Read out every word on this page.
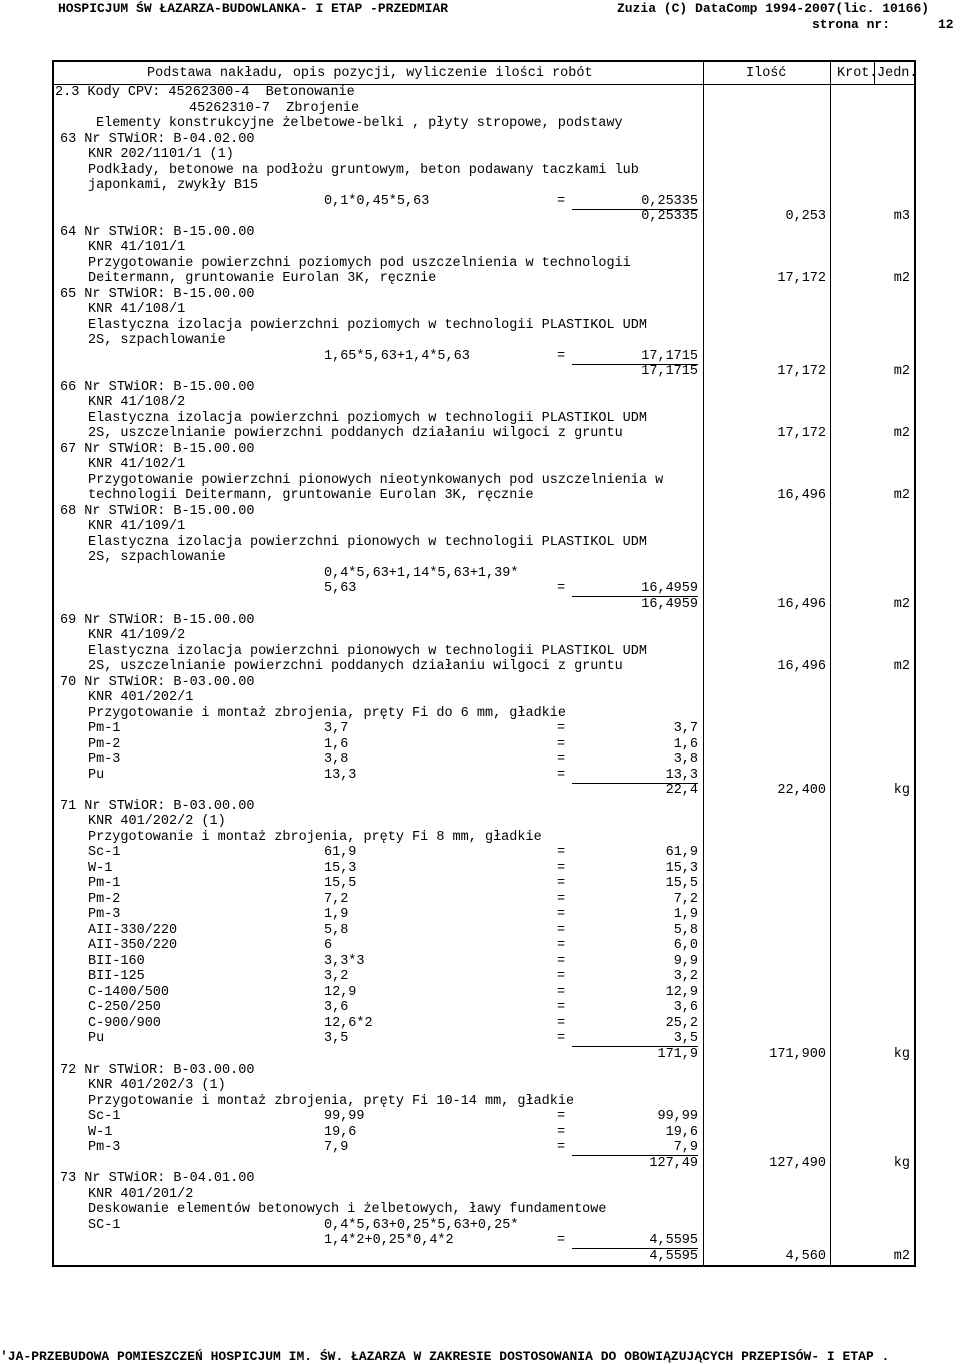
HOSPICJUM ŚW ŁAZARZA-BUDOWLANKA- I ETAP -PRZEDMIAR	Zuzia (C) DataComp 1994-2007(lic. 10166)
strona nr:	12
Podstawa nakładu, opis pozycji, wyliczenie ilości robót	Ilość	Krot. Jedn.
2.3 Kody CPV: 45262300-4  Betonowanie
45262310-7  Zbrojenie
Elementy konstrukcyjne żelbetowe-belki , płyty stropowe, podstawy
63 Nr STWiOR: B-04.02.00
KNR 202/1101/1 (1)
Podkłady, betonowe na podłożu gruntowym, beton podawany taczkami lub
japonkami, zwykły B15
0,1*0,45*5,63	=	0,25335
0,25335	0,253	m3
64 Nr STWiOR: B-15.00.00
KNR 41/101/1
Przygotowanie powierzchni poziomych pod uszczelnienia w technologii
Deitermann, gruntowanie Eurolan 3K, ręcznie	17,172	m2
65 Nr STWiOR: B-15.00.00
KNR 41/108/1
Elastyczna izolacja powierzchni poziomych w technologii PLASTIKOL UDM
2S, szpachlowanie
1,65*5,63+1,4*5,63	=	17,1715
17,1715	17,172	m2
66 Nr STWiOR: B-15.00.00
KNR 41/108/2
Elastyczna izolacja powierzchni poziomych w technologii PLASTIKOL UDM
2S, uszczelnianie powierzchni poddanych działaniu wilgoci z gruntu	17,172	m2
67 Nr STWiOR: B-15.00.00
KNR 41/102/1
Przygotowanie powierzchni pionowych nieotynkowanych pod uszczelnienia w
technologii Deitermann, gruntowanie Eurolan 3K, ręcznie	16,496	m2
68 Nr STWiOR: B-15.00.00
KNR 41/109/1
Elastyczna izolacja powierzchni pionowych w technologii PLASTIKOL UDM
2S, szpachlowanie
0,4*5,63+1,14*5,63+1,39*
5,63	=	16,4959
16,4959	16,496	m2
69 Nr STWiOR: B-15.00.00
KNR 41/109/2
Elastyczna izolacja powierzchni pionowych w technologii PLASTIKOL UDM
2S, uszczelnianie powierzchni poddanych działaniu wilgoci z gruntu	16,496	m2
70 Nr STWiOR: B-03.00.00
KNR 401/202/1
Przygotowanie i montaż zbrojenia, pręty Fi do 6 mm, gładkie
Pm-1	3,7	=	3,7
Pm-2	1,6	=	1,6
Pm-3	3,8	=	3,8
Pu	13,3	=	13,3
22,4	22,400	kg
71 Nr STWiOR: B-03.00.00
KNR 401/202/2 (1)
Przygotowanie i montaż zbrojenia, pręty Fi 8 mm, gładkie
Sc-1	61,9	=	61,9
W-1	15,3	=	15,3
Pm-1	15,5	=	15,5
Pm-2	7,2	=	7,2
Pm-3	1,9	=	1,9
AII-330/220	5,8	=	5,8
AII-350/220	6	=	6,0
BII-160	3,3*3	=	9,9
BII-125	3,2	=	3,2
C-1400/500	12,9	=	12,9
C-250/250	3,6	=	3,6
C-900/900	12,6*2	=	25,2
Pu	3,5	=	3,5
171,9	171,900	kg
72 Nr STWiOR: B-03.00.00
KNR 401/202/3 (1)
Przygotowanie i montaż zbrojenia, pręty Fi 10-14 mm, gładkie
Sc-1	99,99	=	99,99
W-1	19,6	=	19,6
Pm-3	7,9	=	7,9
127,49	127,490	kg
73 Nr STWiOR: B-04.01.00
KNR 401/201/2
Deskowanie elementów betonowych i żelbetowych, ławy fundamentowe
SC-1	0,4*5,63+0,25*5,63+0,25*
1,4*2+0,25*0,4*2	=	4,5595
4,5595	4,560	m2
'JA-PRZEBUDOWA POMIESZCZEŃ HOSPICJUM IM. ŚW. ŁAZARZA W ZAKRESIE DOSTOSOWANIA DO OBOWIĄZUJĄCYCH PRZEPISÓW- I ETAP .
